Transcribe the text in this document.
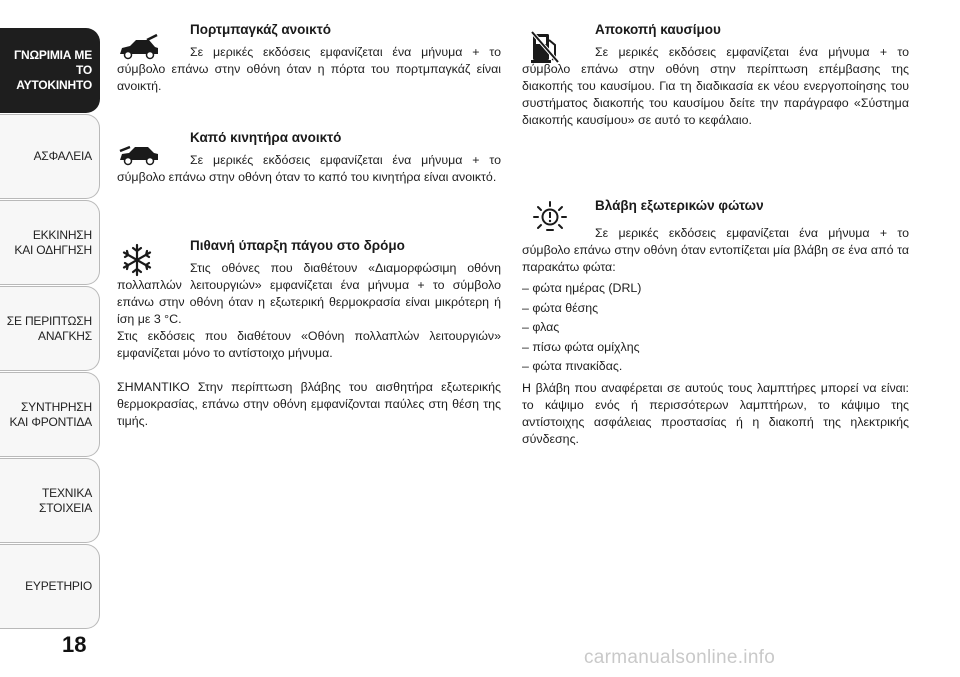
ΓΝΩΡΙΜΙΑ ΜΕ ΤΟ
ΑΥΤΟΚΙΝΗΤΟ
ΑΣΦΑΛΕΙΑ
ΕΚΚΙΝΗΣΗ
ΚΑΙ ΟΔΗΓΗΣΗ
ΣΕ ΠΕΡΙΠΤΩΣΗ
ΑΝΑΓΚΗΣ
ΣΥΝΤΗΡΗΣΗ
ΚΑΙ ΦΡΟΝΤΙΔΑ
ΤΕΧΝΙΚΑ
ΣΤΟΙΧΕΙΑ
ΕΥΡΕΤΗΡΙΟ
18
Πορτμπαγκάζ ανοικτό

Σε μερικές εκδόσεις εμφανίζεται ένα μήνυμα + το σύμβολο επάνω στην οθόνη όταν η πόρτα του πορτμπαγκάζ είναι ανοικτή.

Καπό κινητήρα ανοικτό

Σε μερικές εκδόσεις εμφανίζεται ένα μήνυμα + το σύμβολο επάνω στην οθόνη όταν το καπό του κινητήρα είναι ανοικτό.

Πιθανή ύπαρξη πάγου στο δρόμο

Στις οθόνες που διαθέτουν «Διαμορφώσιμη οθόνη πολλαπλών λειτουργιών» εμφανίζεται ένα μήνυμα + το σύμβολο επάνω στην οθόνη όταν η εξωτερική θερμοκρασία είναι μικρότερη ή ίση με 3 °C.

Στις εκδόσεις που διαθέτουν «Οθόνη πολλαπλών λειτουργιών» εμφανίζεται μόνο το αντίστοιχο μήνυμα.

ΣΗΜΑΝΤΙΚΟ Στην περίπτωση βλάβης του αισθητήρα εξωτερικής θερμοκρασίας, επάνω στην οθόνη εμφανίζονται παύλες στη θέση της τιμής.

Αποκοπή καυσίμου

Σε μερικές εκδόσεις εμφανίζεται ένα μήνυμα + το σύμβολο επάνω στην οθόνη στην περίπτωση επέμβασης της διακοπής του καυσίμου. Για τη διαδικασία εκ νέου ενεργοποίησης του συστήματος διακοπής του καυσίμου δείτε την παράγραφο «Σύστημα διακοπής καυσίμου» σε αυτό το κεφάλαιο.

Βλάβη εξωτερικών φώτων

Σε μερικές εκδόσεις εμφανίζεται ένα μήνυμα + το σύμβολο επάνω στην οθόνη όταν εντοπίζεται μία βλάβη σε ένα από τα παρακάτω φώτα:

– φώτα ημέρας (DRL)

– φώτα θέσης

– φλας

– πίσω φώτα ομίχλης

– φώτα πινακίδας.

Η βλάβη που αναφέρεται σε αυτούς τους λαμπτήρες μπορεί να είναι: το κάψιμο ενός ή περισσότερων λαμπτήρων, το κάψιμο της αντίστοιχης ασφάλειας προστασίας ή η διακοπή της ηλεκτρικής σύνδεσης.

carmanualsonline.info
